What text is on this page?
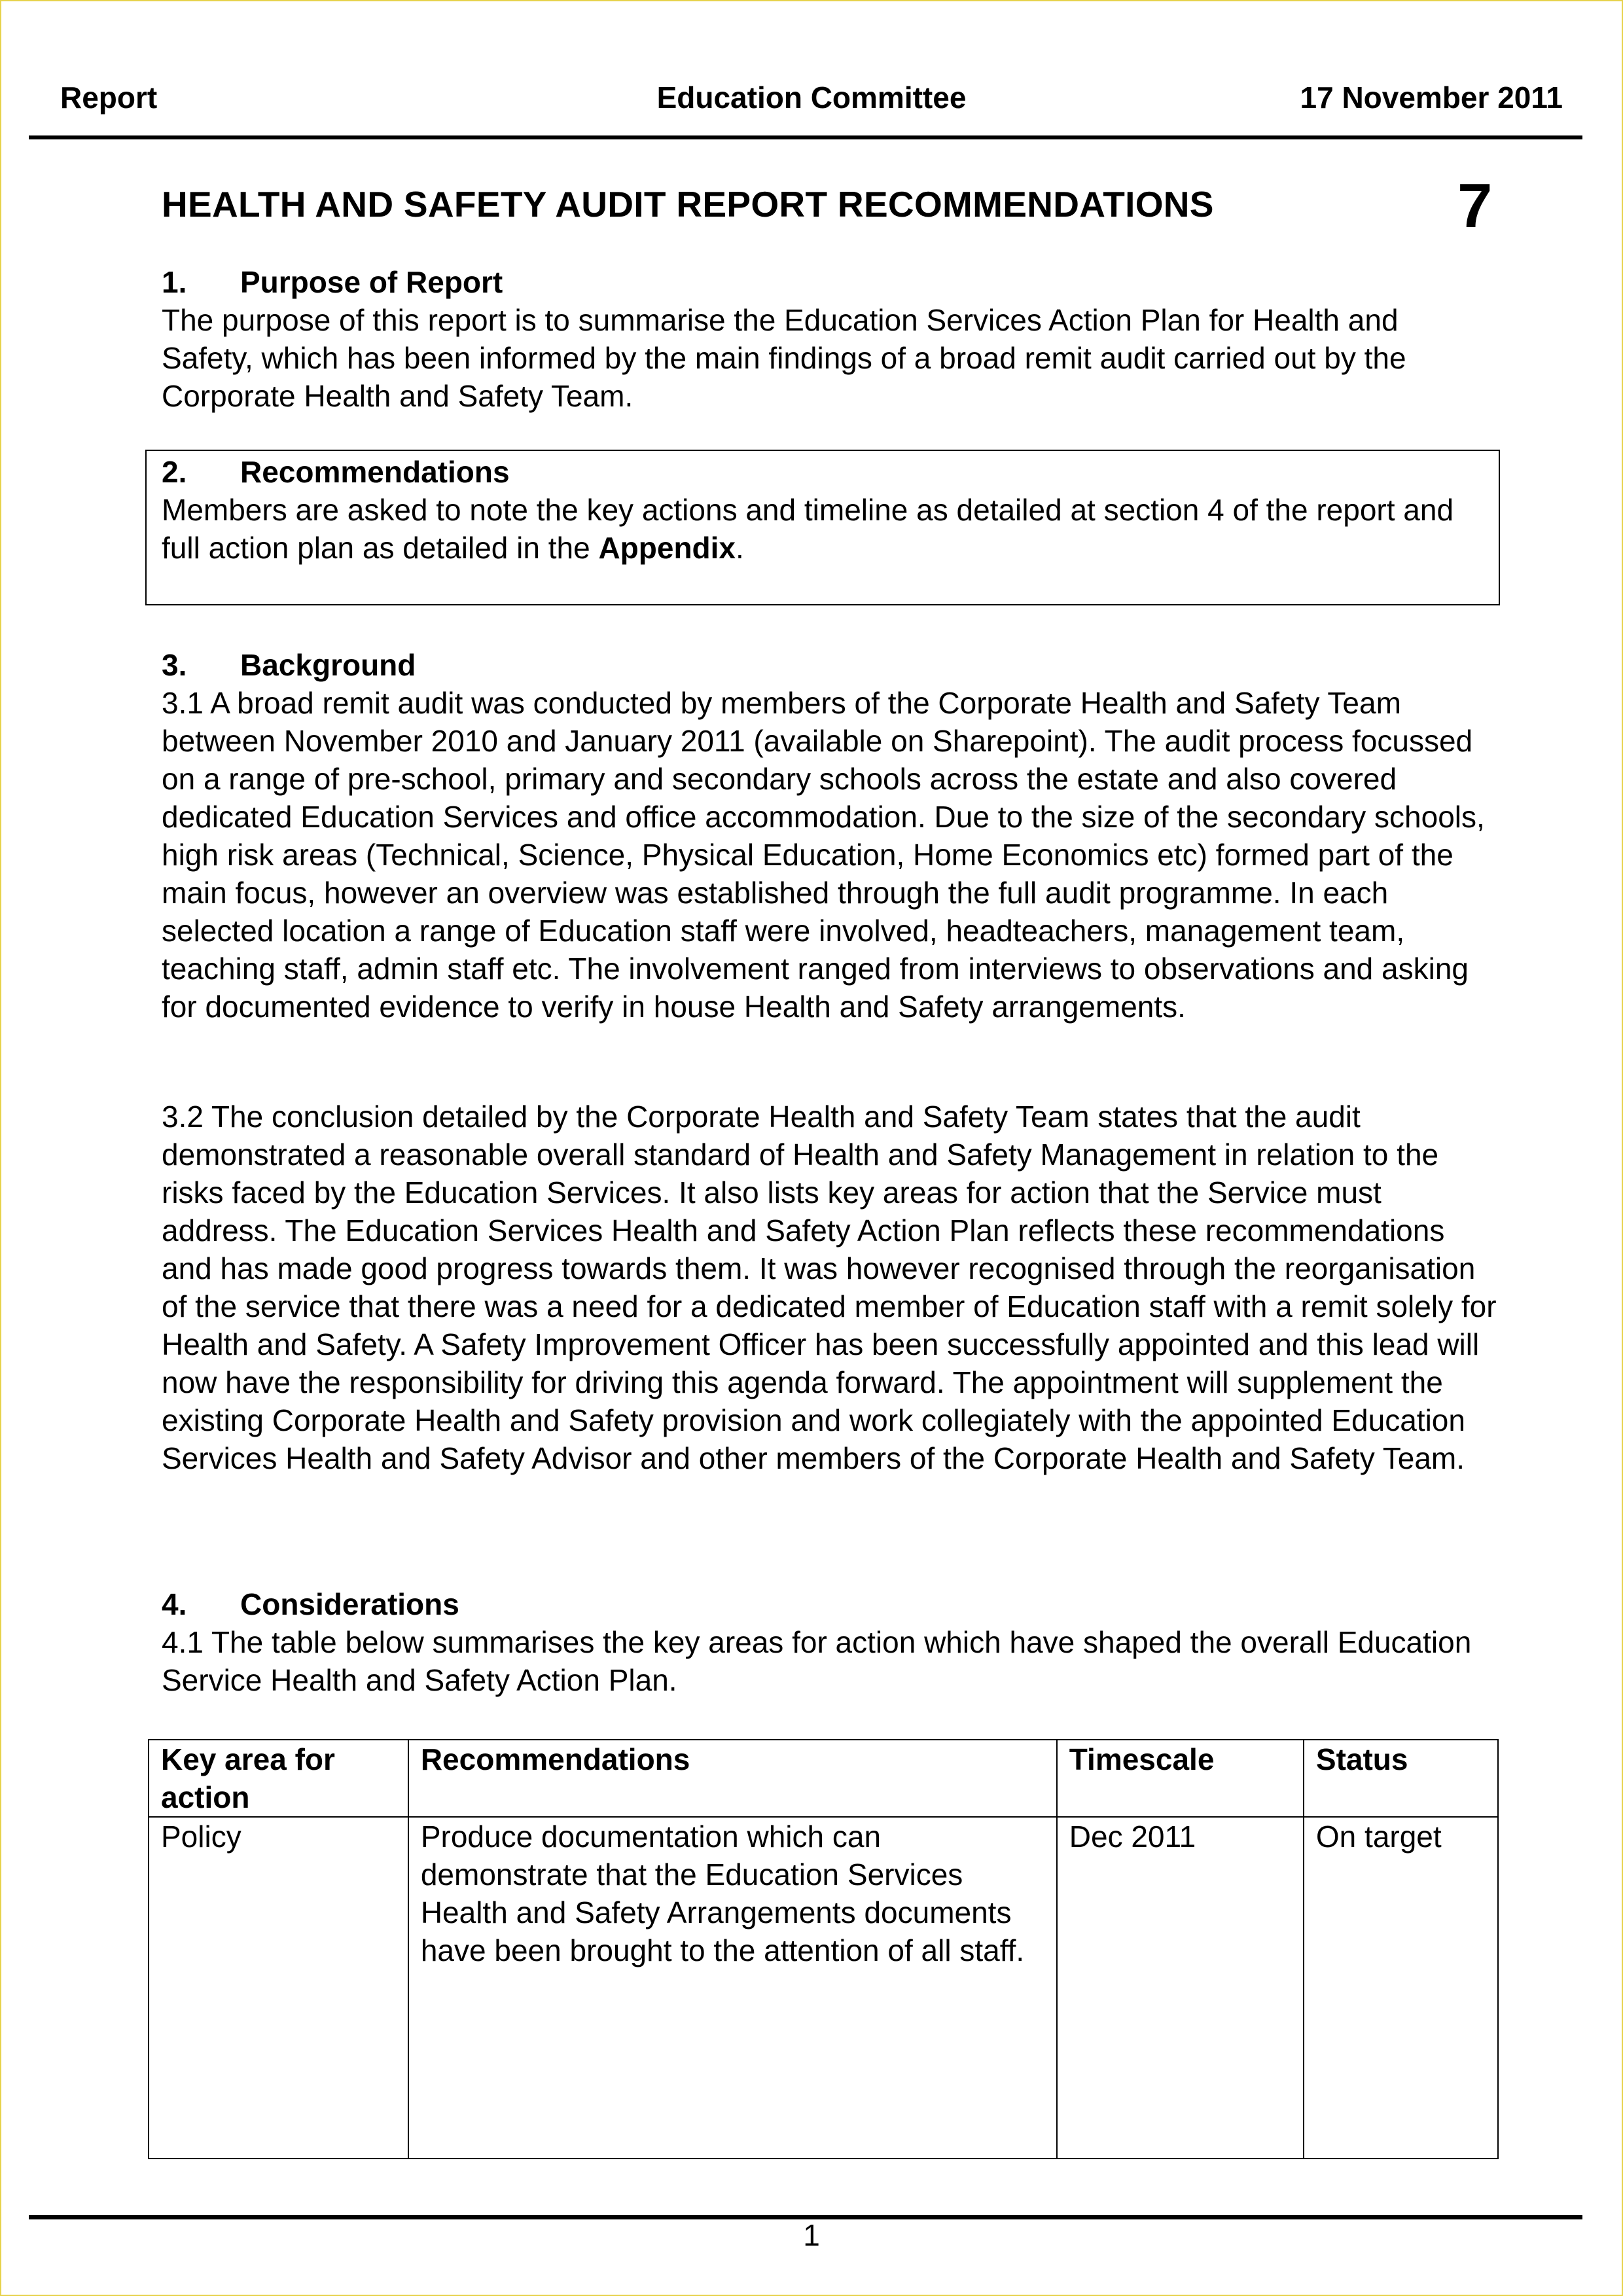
Report	Education Committee	17 November 2011
HEALTH AND SAFETY AUDIT REPORT RECOMMENDATIONS	7
1.	Purpose of Report

The purpose of this report is to summarise the Education Services Action Plan for Health and Safety, which has been informed by the main findings of a broad remit audit carried out by the Corporate Health and Safety Team.

2.	Recommendations

Members are asked to note the key actions and timeline as detailed at section 4 of the report and full action plan as detailed in the Appendix.

3.	Background

3.1 A broad remit audit was conducted by members of the Corporate Health and Safety Team between November 2010 and January 2011 (available on Sharepoint). The audit process focussed on a range of pre-school, primary and secondary schools across the estate and also covered dedicated Education Services and office accommodation. Due to the size of the secondary schools, high risk areas (Technical, Science, Physical Education, Home Economics etc) formed part of the main focus, however an overview was established through the full audit programme. In each selected location a range of Education staff were involved, headteachers, management team, teaching staff, admin staff etc. The involvement ranged from interviews to observations and asking for documented evidence to verify in house Health and Safety arrangements.

3.2 The conclusion detailed by the Corporate Health and Safety Team states that the audit demonstrated a reasonable overall standard of Health and Safety Management in relation to the risks faced by the Education Services. It also lists key areas for action that the Service must address. The Education Services Health and Safety Action Plan reflects these recommendations and has made good progress towards them. It was however recognised through the reorganisation of the service that there was a need for a dedicated member of Education staff with a remit solely for Health and Safety. A Safety Improvement Officer has been successfully appointed and this lead will now have the responsibility for driving this agenda forward. The appointment will supplement the existing Corporate Health and Safety provision and work collegiately with the appointed Education Services Health and Safety Advisor and other members of the Corporate Health and Safety Team.

4.	Considerations

4.1 The table below summarises the key areas for action which have shaped the overall Education Service Health and Safety Action Plan.

Key area for action	Recommendations	Timescale	Status
Policy	Produce documentation which can demonstrate that the Education Services Health and Safety Arrangements documents have been brought to the attention of all staff.	Dec 2011	On target
1
